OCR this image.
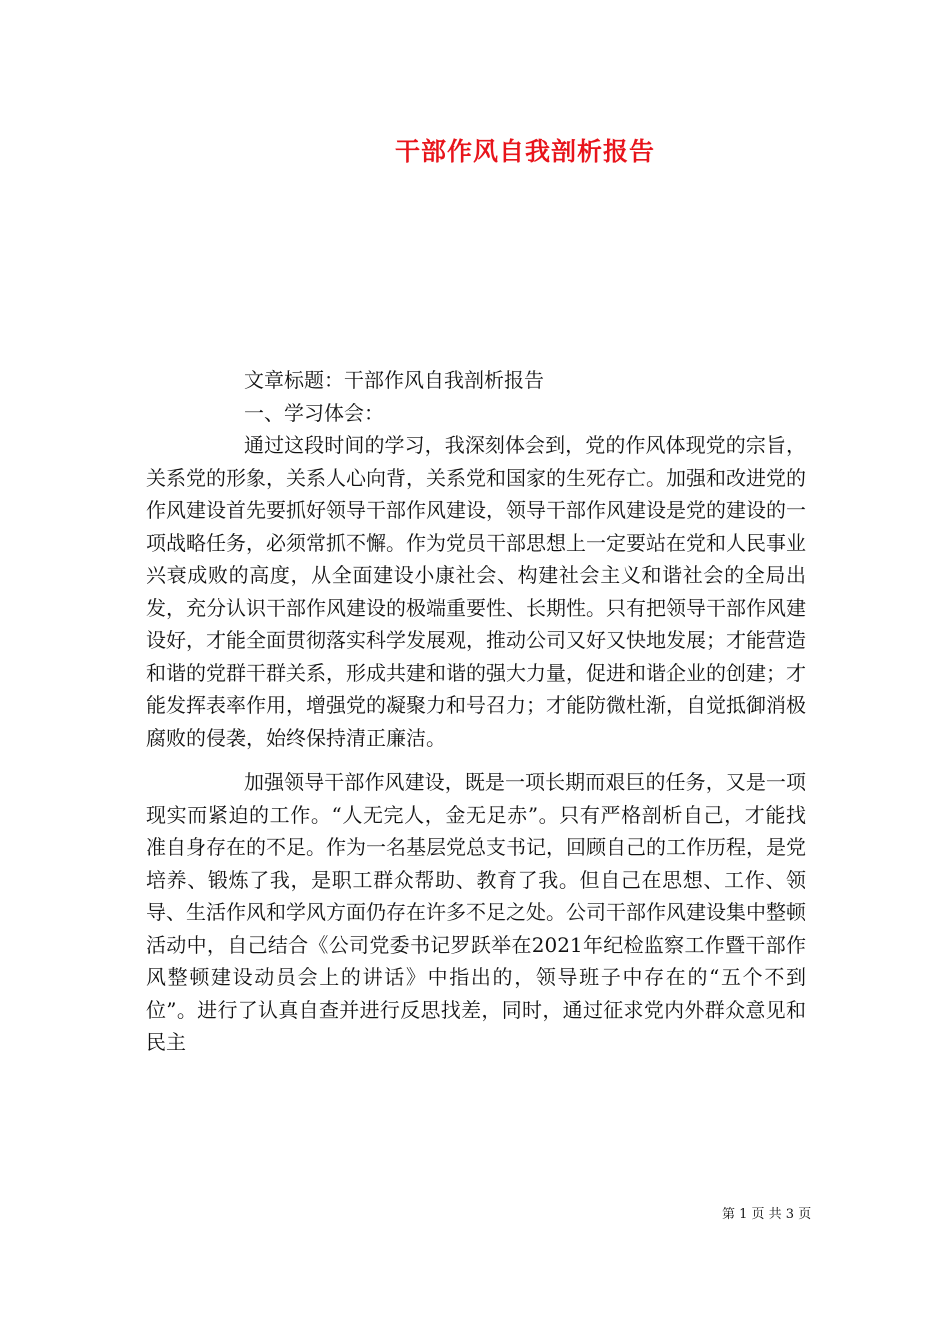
干部作风自我剖析报告

文章标题：干部作风自我剖析报告

一、学习体会：

通过这段时间的学习，我深刻体会到，党的作风体现党的宗旨，关系党的形象，关系人心向背，关系党和国家的生死存亡。加强和改进党的作风建设首先要抓好领导干部作风建设，领导干部作风建设是党的建设的一项战略任务，必须常抓不懈。作为党员干部思想上一定要站在党和人民事业兴衰成败的高度，从全面建设小康社会、构建社会主义和谐社会的全局出发，充分认识干部作风建设的极端重要性、长期性。只有把领导干部作风建设好，才能全面贯彻落实科学发展观，推动公司又好又快地发展；才能营造和谐的党群干群关系，形成共建和谐的强大力量，促进和谐企业的创建；才能发挥表率作用，增强党的凝聚力和号召力；才能防微杜渐，自觉抵御消极腐败的侵袭，始终保持清正廉洁。

加强领导干部作风建设，既是一项长期而艰巨的任务，又是一项现实而紧迫的工作。“人无完人，金无足赤”。只有严格剖析自己，才能找准自身存在的不足。作为一名基层党总支书记，回顾自己的工作历程，是党培养、锻炼了我，是职工群众帮助、教育了我。但自己在思想、工作、领导、生活作风和学风方面仍存在许多不足之处。公司干部作风建设集中整顿活动中，自己结合《公司党委书记罗跃举在2021年纪检监察工作暨干部作风整顿建设动员会上的讲话》中指出的，领导班子中存在的“五个不到位”。进行了认真自查并进行反思找差，同时，通过征求党内外群众意见和民主

第 1 页 共 3 页
